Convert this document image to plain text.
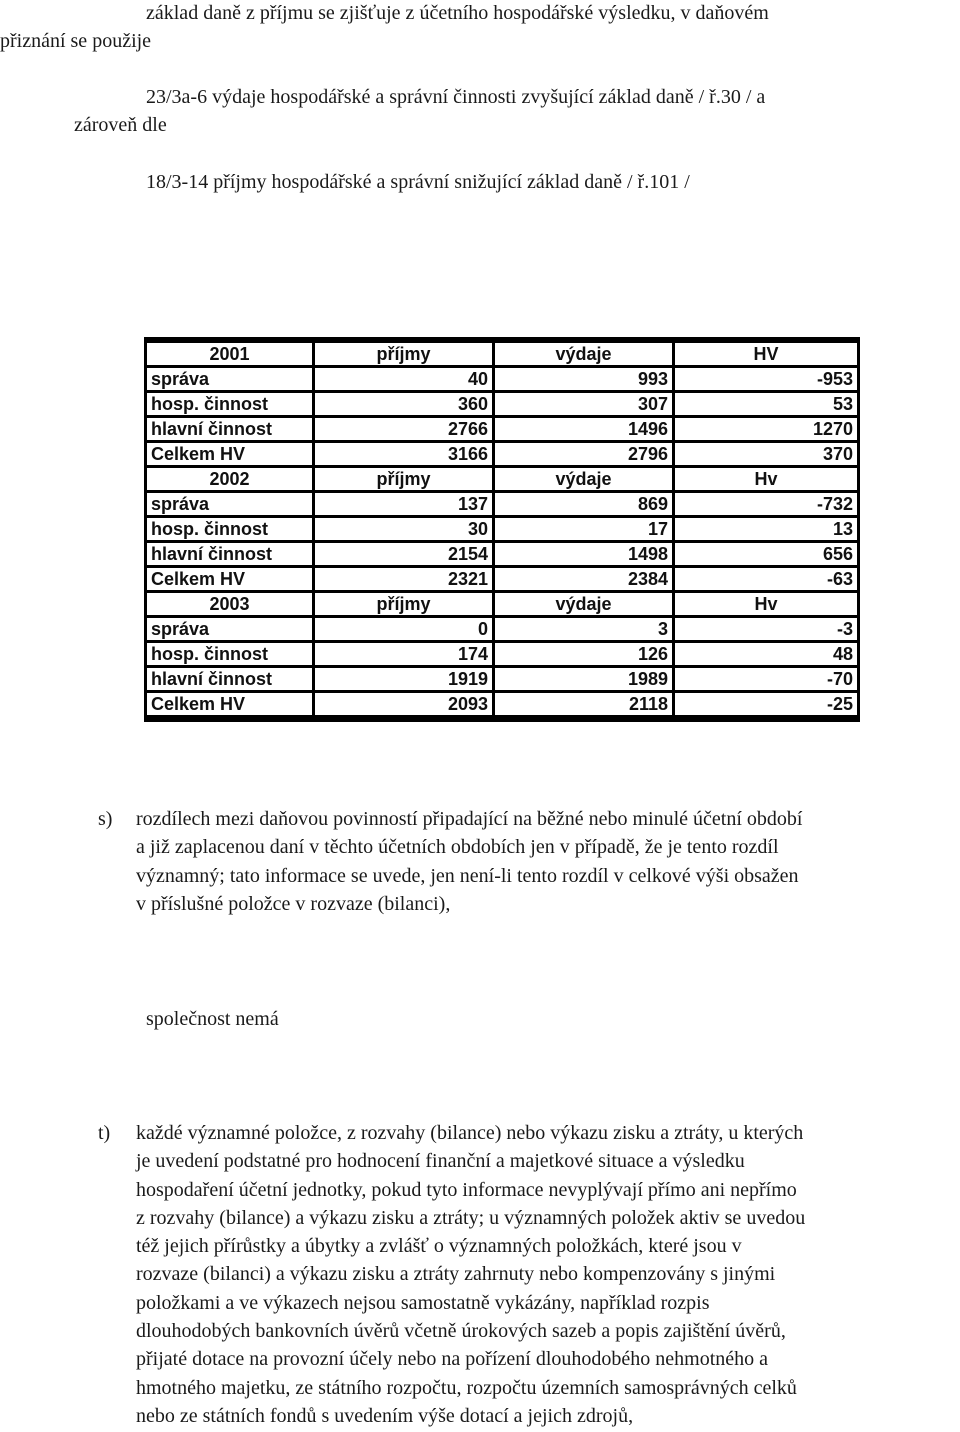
základ daně z příjmu se zjišťuje z účetního hospodářské výsledku, v daňovém
přiznání se použije
23/3a-6 výdaje hospodářské a správní činnosti zvyšující základ daně / ř.30 / a
zároveň dle
18/3-14 příjmy hospodářské a správní snižující základ daně / ř.101 /
2001	příjmy	výdaje	HV
správa	40	993	-953
hosp. činnost	360	307	53
hlavní činnost	2766	1496	1270
Celkem HV	3166	2796	370
2002	příjmy	výdaje	Hv
správa	137	869	-732
hosp. činnost	30	17	13
hlavní činnost	2154	1498	656
Celkem HV	2321	2384	-63
2003	příjmy	výdaje	Hv
správa	0	3	-3
hosp. činnost	174	126	48
hlavní činnost	1919	1989	-70
Celkem HV	2093	2118	-25
s) rozdílech mezi daňovou povinností připadající na běžné nebo minulé účetní období
a již zaplacenou daní v těchto účetních obdobích jen v případě, že je tento rozdíl
významný; tato informace se uvede, jen není-li tento rozdíl v celkové výši obsažen
v příslušné položce v rozvaze (bilanci),
společnost nemá
t) každé významné položce, z rozvahy (bilance) nebo výkazu zisku a ztráty, u kterých
je uvedení podstatné pro hodnocení finanční a majetkové situace a výsledku
hospodaření účetní jednotky, pokud tyto informace nevyplývají přímo ani nepřímo
z rozvahy (bilance) a výkazu zisku a ztráty; u významných položek aktiv se uvedou
též jejich přírůstky a úbytky a zvlášť o významných položkách, které jsou v
rozvaze (bilanci) a výkazu zisku a ztráty zahrnuty nebo kompenzovány s jinými
položkami a ve výkazech nejsou samostatně vykázány, například rozpis
dlouhodobých bankovních úvěrů včetně úrokových sazeb a popis zajištění úvěrů,
přijaté dotace na provozní účely nebo na pořízení dlouhodobého nehmotného a
hmotného majetku, ze státního rozpočtu, rozpočtu územních samosprávných celků
nebo ze státních fondů s uvedením výše dotací a jejich zdrojů,
